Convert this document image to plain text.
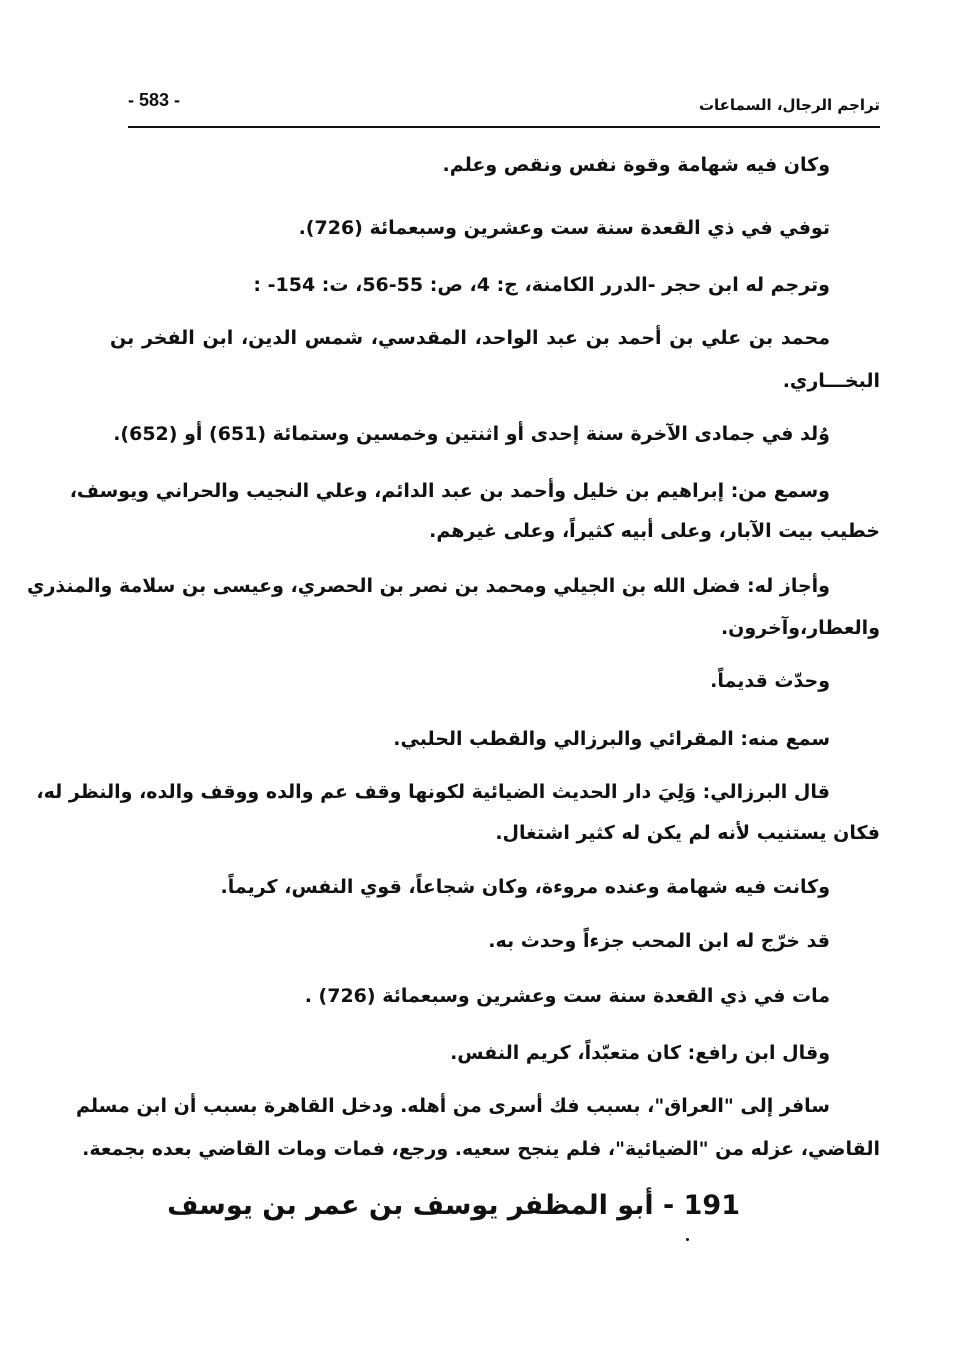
- 583 -	تراجم الرجال، السماعات
وكان فيه شهامة وقوة نفس ونقص وعلم.
توفي في ذي القعدة سنة ست وعشرين وسبعمائة (726).
وترجم له ابن حجر -الدرر الكامنة، ج: 4، ص: 55-56، ت: 154- :
محمد بن علي بن أحمد بن عبد الواحد، المقدسي، شمس الدين، ابن الفخر بن
البخـــاري.
وُلد في جمادى الآخرة سنة إحدى أو اثنتين وخمسين وستمائة (651) أو (652).
وسمع من: إبراهيم بن خليل وأحمد بن عبد الدائم، وعلي النجيب والحراني ويوسف،
خطيب بيت الآبار، وعلى أبيه كثيراً، وعلى غيرهم.
وأجاز له: فضل الله بن الجيلي ومحمد بن نصر بن الحصري، وعيسى بن سلامة والمنذري
والعطار،وآخرون.
وحدّث قديماً.
سمع منه: المقرائي والبرزالي والقطب الحلبي.
قال البرزالي: وَلِيَ دار الحديث الضيائية لكونها وقف عم والده ووقف والده، والنظر له،
فكان يستنيب لأنه لم يكن له كثير اشتغال.
وكانت فيه شهامة وعنده مروءة، وكان شجاعاً، قوي النفس، كريماً.
قد خرّج له ابن المحب جزءاً وحدث به.
مات في ذي القعدة سنة ست وعشرين وسبعمائة (726) .
وقال ابن رافع: كان متعبّداً، كريم النفس.
سافر إلى "العراق"، بسبب فك أسرى من أهله. ودخل القاهرة بسبب أن ابن مسلم
القاضي، عزله من "الضيائية"، فلم ينجح سعيه. ورجع، فمات ومات القاضي بعده بجمعة.
191 - أبو المظفر يوسف بن عمر بن يوسف
